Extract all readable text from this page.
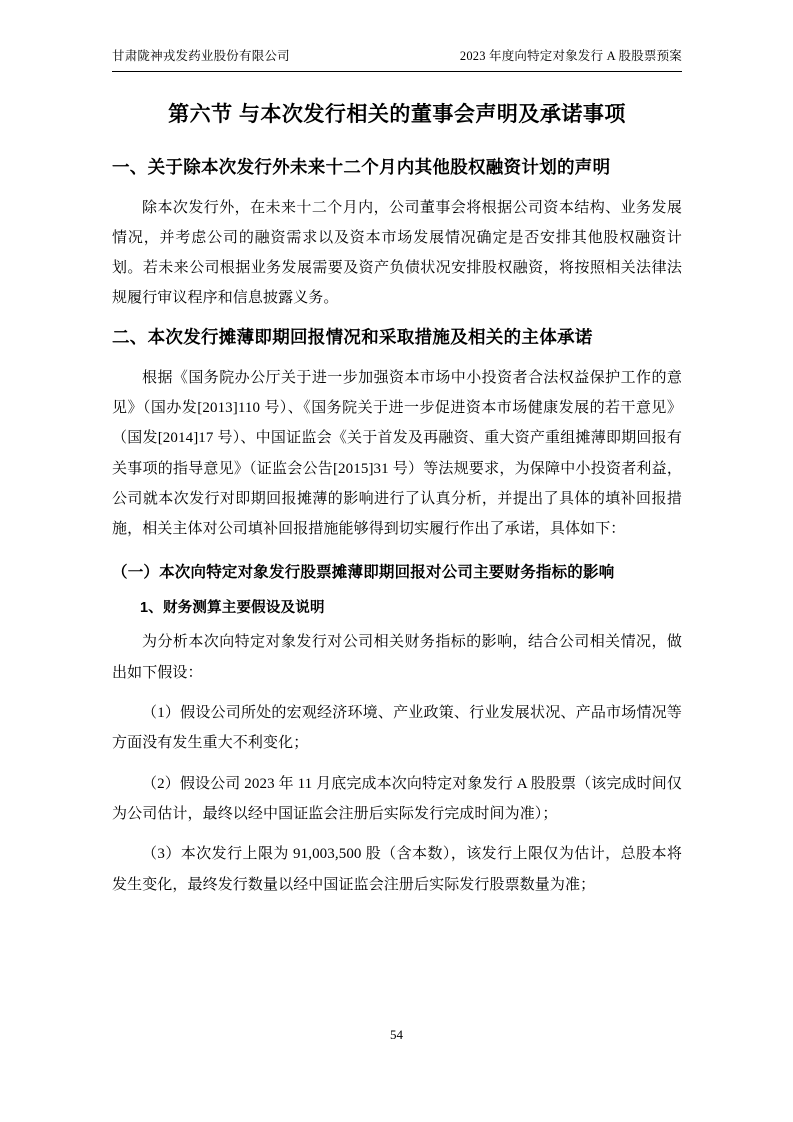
甘肃陇神戎发药业股份有限公司	2023 年度向特定对象发行 A 股股票预案
第六节 与本次发行相关的董事会声明及承诺事项
一、关于除本次发行外未来十二个月内其他股权融资计划的声明

除本次发行外，在未来十二个月内，公司董事会将根据公司资本结构、业务发展情况，并考虑公司的融资需求以及资本市场发展情况确定是否安排其他股权融资计划。若未来公司根据业务发展需要及资产负债状况安排股权融资，将按照相关法律法规履行审议程序和信息披露义务。

二、本次发行摊薄即期回报情况和采取措施及相关的主体承诺

根据《国务院办公厅关于进一步加强资本市场中小投资者合法权益保护工作的意见》（国办发[2013]110 号）、《国务院关于进一步促进资本市场健康发展的若干意见》（国发[2014]17 号）、中国证监会《关于首发及再融资、重大资产重组摊薄即期回报有关事项的指导意见》（证监会公告[2015]31 号）等法规要求，为保障中小投资者利益，公司就本次发行对即期回报摊薄的影响进行了认真分析，并提出了具体的填补回报措施，相关主体对公司填补回报措施能够得到切实履行作出了承诺，具体如下：

（一）本次向特定对象发行股票摊薄即期回报对公司主要财务指标的影响
1、财务测算主要假设及说明

为分析本次向特定对象发行对公司相关财务指标的影响，结合公司相关情况，做出如下假设：

（1）假设公司所处的宏观经济环境、产业政策、行业发展状况、产品市场情况等方面没有发生重大不利变化；

（2）假设公司 2023 年 11 月底完成本次向特定对象发行 A 股股票（该完成时间仅为公司估计，最终以经中国证监会注册后实际发行完成时间为准）；

（3）本次发行上限为 91,003,500 股（含本数），该发行上限仅为估计，总股本将发生变化，最终发行数量以经中国证监会注册后实际发行股票数量为准；

54
